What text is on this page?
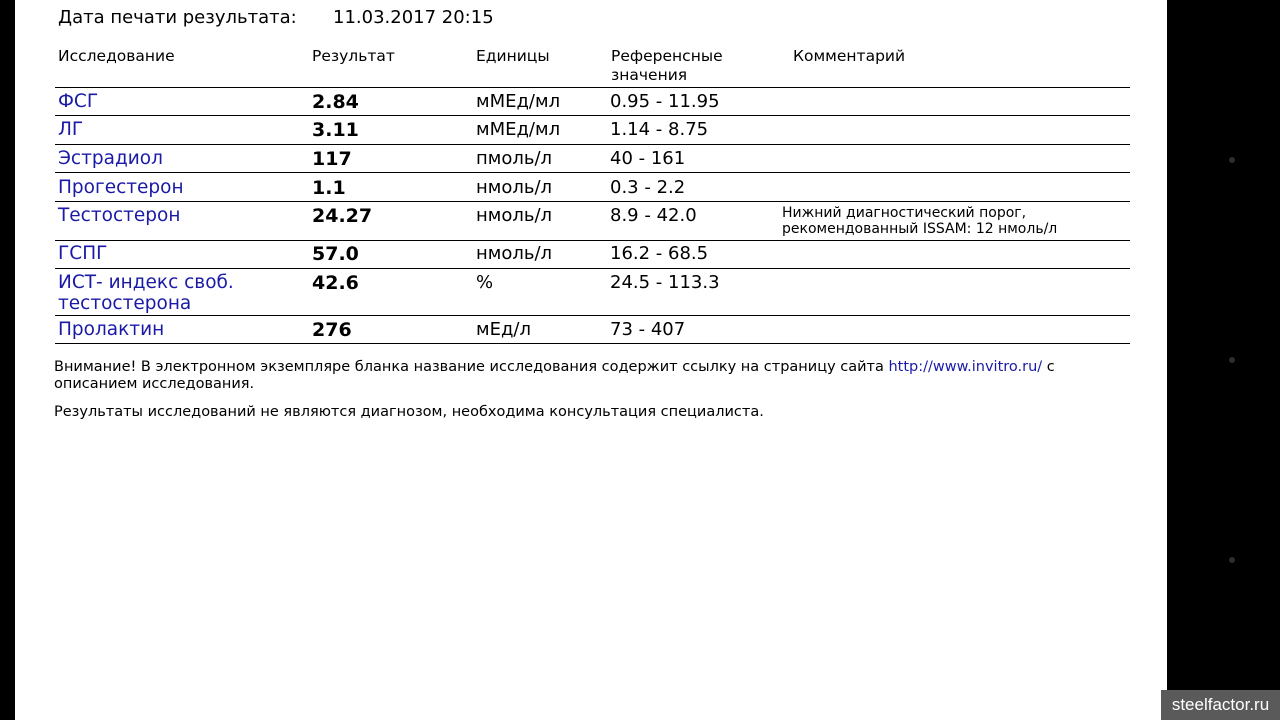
Дата печати результата: 11.03.2017 20:15
Исследование	Результат	Единицы	Референсные
значения
Комментарий
ФСГ	2.84	мМЕд/мл	0.95 - 11.95
ЛГ	3.11	мМЕд/мл	1.14 - 8.75
Эстрадиол	117	пмоль/л	40 - 161
Прогестерон	1.1	нмоль/л	0.3 - 2.2
Тестостерон	24.27	нмоль/л	8.9 - 42.0	Нижний диагностический порог,
рекомендованный ISSAM: 12 нмоль/л
ГСПГ	57.0	нмоль/л	16.2 - 68.5
ИСТ- индекс своб.
тестостерона
42.6	%	24.5 - 113.3
Пролактин	276	мЕд/л	73 - 407
Внимание! В электронном экземпляре бланка название исследования содержит ссылку на страницу сайта http://www.invitro.ru/ с описанием исследования.
Результаты исследований не являются диагнозом, необходима консультация специалиста.
steelfactor.ru
